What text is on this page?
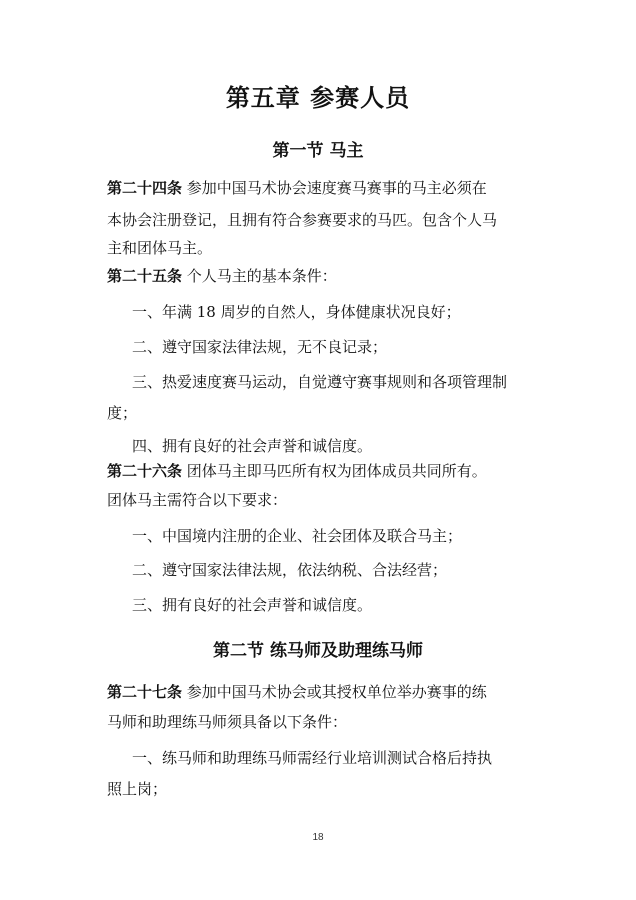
第五章 参赛人员
第一节 马主
第二十四条 参加中国马术协会速度赛马赛事的马主必须在
本协会注册登记，且拥有符合参赛要求的马匹。包含个人马
主和团体马主。
第二十五条 个人马主的基本条件：
一、年满 18 周岁的自然人，身体健康状况良好；
二、遵守国家法律法规，无不良记录；
三、热爱速度赛马运动，自觉遵守赛事规则和各项管理制
度；
四、拥有良好的社会声誉和诚信度。
第二十六条 团体马主即马匹所有权为团体成员共同所有。
团体马主需符合以下要求：
一、中国境内注册的企业、社会团体及联合马主；
二、遵守国家法律法规，依法纳税、合法经营；
三、拥有良好的社会声誉和诚信度。
第二节 练马师及助理练马师
第二十七条 参加中国马术协会或其授权单位举办赛事的练
马师和助理练马师须具备以下条件：
一、练马师和助理练马师需经行业培训测试合格后持执
照上岗；
18
